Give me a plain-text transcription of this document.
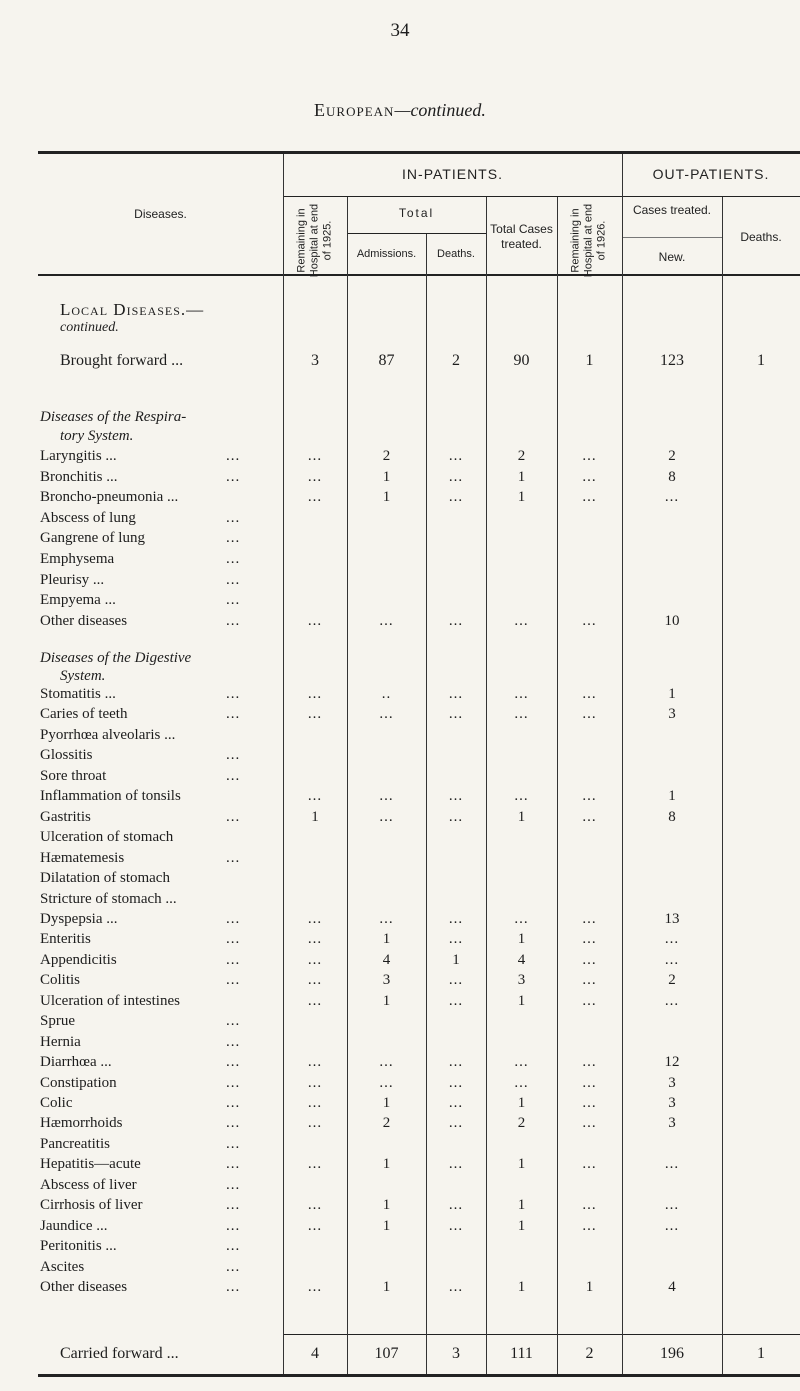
34
European—continued.
Diseases.
IN-PATIENTS.	OUT-PATIENTS.
Remaining in Hospital at end of 1925.
Total
Admissions.	Deaths.
Total Cases treated.	Remaining in Hospital at end of 1926.
Cases treated.
New.
Deaths.
Local Diseases.—
continued.
Brought forward ...	3	87	2	90	1	123	1
Laryngitis ...	...	...	2	...	2	...	2
Bronchitis ...	...	...	1	...	1	...	8
Broncho-pneumonia ...	...	1	...	1	...	...
Abscess of lung	...
Gangrene of lung	...
Emphysema	...
Pleurisy ...	...
Empyema ...	...
Other diseases	...	...	...	...	...	...	10
Stomatitis ...	...	...	..	...	...	...	1
Caries of teeth	...	...	...	...	...	...	3
Pyorrhœa alveolaris ...
Glossitis	...
Sore throat	...
Inflammation of tonsils	...	...	...	...	...	1
Gastritis	...	1	...	...	1	...	8
Ulceration of stomach
Hæmatemesis	...
Dilatation of stomach
Stricture of stomach ...
Dyspepsia ...	...	...	...	...	...	...	13
Enteritis	...	...	1	...	1	...	...
Appendicitis	...	...	4	1	4	...	...
Colitis	...	...	3	...	3	...	2
Ulceration of intestines	...	1	...	1	...	...
Sprue	...
Hernia	...
Diarrhœa ...	...	...	...	...	...	...	12
Constipation	...	...	...	...	...	...	3
Colic	...	...	1	...	1	...	3
Hæmorrhoids	...	...	2	...	2	...	3
Pancreatitis	...
Hepatitis—acute	...	...	1	...	1	...	...
Abscess of liver	...
Cirrhosis of liver	...	...	1	...	1	...	...
Jaundice ...	...	...	1	...	1	...	...
Peritonitis ...	...
Ascites	...
Other diseases	...	...	1	...	1	1	4
Carried forward ...	4	107	3	111	2	196	1
Diseases of the Respira-
tory System.
Diseases of the Digestive
System.
